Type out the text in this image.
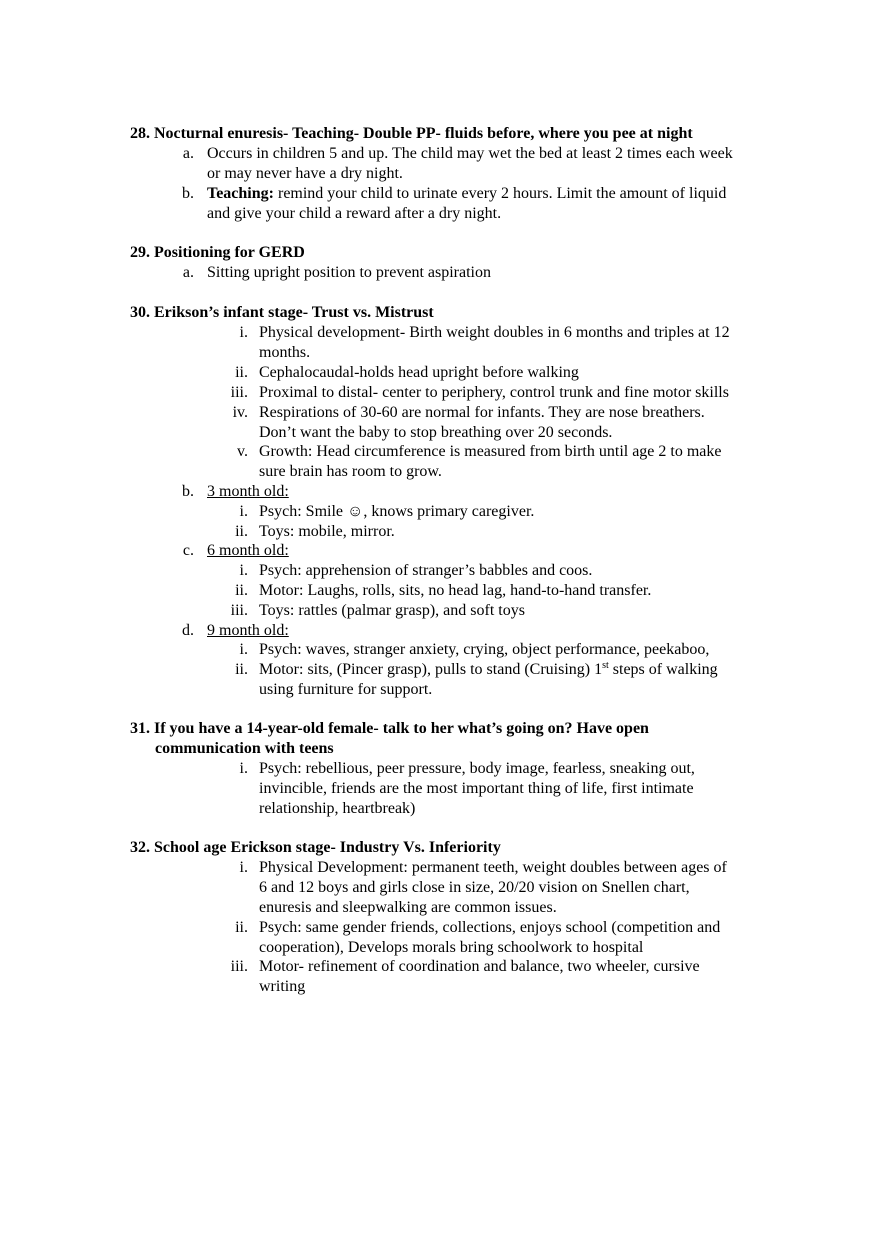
28. Nocturnal enuresis- Teaching- Double PP- fluids before, where you pee at night
a. Occurs in children 5 and up. The child may wet the bed at least 2 times each week
or may never have a dry night.
b. Teaching: remind your child to urinate every 2 hours. Limit the amount of liquid
and give your child a reward after a dry night.
29. Positioning for GERD
a. Sitting upright position to prevent aspiration
30. Erikson’s infant stage- Trust vs. Mistrust
i. Physical development- Birth weight doubles in 6 months and triples at 12
months.
ii. Cephalocaudal-holds head upright before walking
iii. Proximal to distal- center to periphery, control trunk and fine motor skills
iv. Respirations of 30-60 are normal for infants. They are nose breathers.
Don’t want the baby to stop breathing over 20 seconds.
v. Growth: Head circumference is measured from birth until age 2 to make
sure brain has room to grow.
b. 3 month old:
i. Psych: Smile ☺, knows primary caregiver.
ii. Toys: mobile, mirror.
c. 6 month old:
i. Psych: apprehension of stranger’s babbles and coos.
ii. Motor: Laughs, rolls, sits, no head lag, hand-to-hand transfer.
iii. Toys: rattles (palmar grasp), and soft toys
d. 9 month old:
i. Psych: waves, stranger anxiety, crying, object performance, peekaboo,
ii. Motor: sits, (Pincer grasp), pulls to stand (Cruising) 1st steps of walking
using furniture for support.
31. If you have a 14-year-old female- talk to her what’s going on? Have open
communication with teens
i. Psych: rebellious, peer pressure, body image, fearless, sneaking out,
invincible, friends are the most important thing of life, first intimate
relationship, heartbreak)
32. School age Erickson stage- Industry Vs. Inferiority
i. Physical Development: permanent teeth, weight doubles between ages of
6 and 12 boys and girls close in size, 20/20 vision on Snellen chart,
enuresis and sleepwalking are common issues.
ii. Psych: same gender friends, collections, enjoys school (competition and
cooperation), Develops morals bring schoolwork to hospital
iii. Motor- refinement of coordination and balance, two wheeler, cursive
writing
